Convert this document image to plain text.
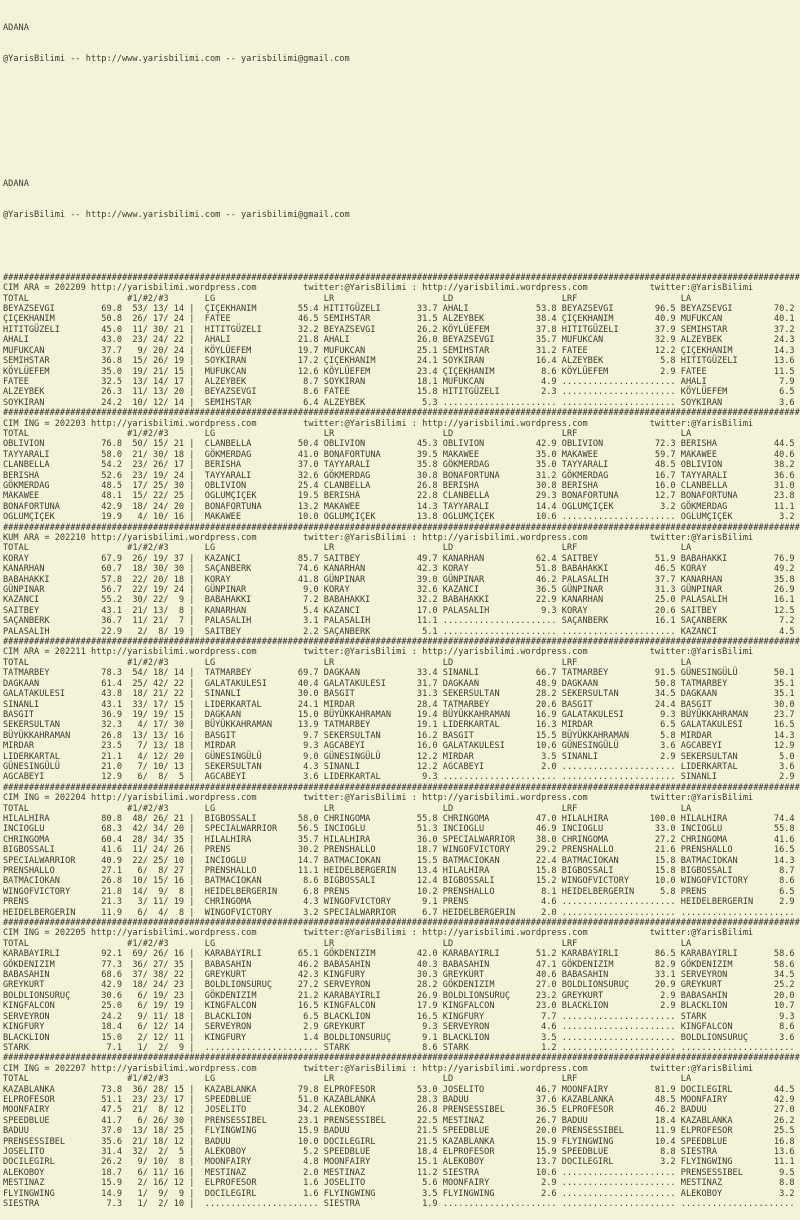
ADANA

@YarisBilimi -- http://www.yarisbilimi.com -- yarisbilimi@gmail.com

ADANA

@YarisBilimi -- http://www.yarisbilimi.com -- yarisbilimi@gmail.com

##########################################################################################################################################################
CIM ARA = 202209 http://yarisbilimi.wordpress.com         twitter:@YarisBilimi : http://yarisbilimi.wordpress.com            twitter:@YarisBilimi
TOTAL                   #1/#2/#3       LG                     LR                     LD                     LRF                    LA
BEYAZSEVGI         69.8  53/ 13/ 14 |  ÇIÇEKHANIM        55.4 HITITGÜZELI       33.7 AHALI             53.8 BEYAZSEVGI        96.5 BEYAZSEVGI        70.2
ÇIÇEKHANIM         50.8  26/ 17/ 24 |  FATEE             46.5 SEMIHSTAR         31.5 ALZEYBEK          38.4 ÇIÇEKHANIM        40.9 MUFUKCAN          40.1
HITITGÜZELI        45.0  11/ 30/ 21 |  HITITGÜZELI       32.2 BEYAZSEVGI        26.2 KÖYLÜEFEM         37.8 HITITGÜZELI       37.9 SEMIHSTAR         37.2
AHALI              43.0  23/ 24/ 22 |  AHALI             21.8 AHALI             26.0 BEYAZSEVGI        35.7 MUFUKCAN          32.9 ALZEYBEK          24.3
MUFUKCAN           37.7   9/ 20/ 24 |  KÖYLÜEFEM         19.7 MUFUKCAN          25.1 SEMIHSTAR         31.2 FATEE             12.2 ÇIÇEKHANIM        14.3
SEMIHSTAR          36.8  15/ 26/ 19 |  SOYKIRAN          17.2 ÇIÇEKHANIM        24.1 SOYKIRAN          16.4 ALZEYBEK           5.8 HITITGÜZELI       13.6
KÖYLÜEFEM          35.0  19/ 21/ 15 |  MUFUKCAN          12.6 KÖYLÜEFEM         23.4 ÇIÇEKHANIM         8.6 KÖYLÜEFEM          2.9 FATEE             11.5
FATEE              32.5  13/ 14/ 17 |  ALZEYBEK           8.7 SOYKIRAN          18.1 MUFUKCAN           4.9 ...................... AHALI              7.9
ALZEYBEK           26.3  11/ 13/ 20 |  BEYAZSEVGI         8.6 FATEE             15.8 HITITGÜZELI        2.3 ...................... KÖYLÜEFEM          6.5
SOYKIRAN           24.2  10/ 12/ 14 |  SEMIHSTAR          6.4 ALZEYBEK           5.3 ...................... ...................... SOYKIRAN           3.6
##########################################################################################################################################################
CIM ING = 202203 http://yarisbilimi.wordpress.com         twitter:@YarisBilimi : http://yarisbilimi.wordpress.com            twitter:@YarisBilimi
TOTAL                   #1/#2/#3       LG                     LR                     LD                     LRF                    LA
OBLIVION           76.8  50/ 15/ 21 |  CLANBELLA         50.4 OBLIVION          45.3 OBLIVION          42.9 OBLIVION          72.3 BERISHA           44.5
TAYYARALI          58.0  21/ 30/ 18 |  GÖKMERDAG         41.0 BONAFORTUNA       39.5 MAKAWEE           35.0 MAKAWEE           59.7 MAKAWEE           40.6
CLANBELLA          54.2  23/ 26/ 17 |  BERISHA           37.0 TAYYARALI         35.8 GÖKMERDAG         35.0 TAYYARALI         48.5 OBLIVION          38.2
BERISHA            52.6  23/ 19/ 24 |  TAYYARALI         32.6 GÖKMERDAG         30.8 BONAFORTUNA       31.2 GÖKMERDAG         16.7 TAYYARALI         36.6
GÖKMERDAG          48.5  17/ 25/ 30 |  OBLIVION          25.4 CLANBELLA         26.8 BERISHA           30.8 BERISHA           16.0 CLANBELLA         31.0
MAKAWEE            48.1  15/ 22/ 25 |  OGLUMÇIÇEK        19.5 BERISHA           22.8 CLANBELLA         29.3 BONAFORTUNA       12.7 BONAFORTUNA       23.8
BONAFORTUNA        42.9  18/ 24/ 20 |  BONAFORTUNA       13.2 MAKAWEE           14.3 TAYYARALI         14.4 OGLUMÇIÇEK         3.2 GÖKMERDAG         11.1
OGLUMÇIÇEK         19.9   4/ 10/ 16 |  MAKAWEE           10.0 OGLUMÇIÇEK        13.8 OGLUMÇIÇEK        10.6 ...................... OGLUMÇIÇEK         3.2
##########################################################################################################################################################
KUM ARA = 202210 http://yarisbilimi.wordpress.com         twitter:@YarisBilimi : http://yarisbilimi.wordpress.com            twitter:@YarisBilimi
TOTAL                   #1/#2/#3       LG                     LR                     LD                     LRF                    LA
KORAY              67.9  26/ 19/ 37 |  KAZANCI           85.7 SAITBEY           49.7 KANARHAN          62.4 SAITBEY           51.9 BABAHAKKI         76.9
KANARHAN           60.7  18/ 30/ 30 |  SAÇANBERK         74.6 KANARHAN          42.3 KORAY             51.8 BABAHAKKI         46.5 KORAY             49.2
BABAHAKKI          57.8  22/ 20/ 18 |  KORAY             41.8 GÜNPINAR          39.0 GÜNPINAR          46.2 PALASALIH         37.7 KANARHAN          35.8
GÜNPINAR           56.7  22/ 19/ 24 |  GÜNPINAR           9.0 KORAY             32.6 KAZANCI           36.5 GÜNPINAR          31.3 GÜNPINAR          26.9
KAZANCI            55.2  30/ 22/  9 |  BABAHAKKI          7.2 BABAHAKKI         32.2 BABAHAKKI         22.9 KANARHAN          25.0 PALASALIH         16.1
SAITBEY            43.1  21/ 13/  8 |  KANARHAN           5.4 KAZANCI           17.0 PALASALIH          9.3 KORAY             20.6 SAITBEY           12.5
SAÇANBERK          36.7  11/ 21/  7 |  PALASALIH          3.1 PALASALIH         11.1 ...................... SAÇANBERK         16.1 SAÇANBERK          7.2
PALASALIH          22.9   2/  8/ 19 |  SAITBEY            2.2 SAÇANBERK          5.1 ...................... ...................... KAZANCI            4.5
##########################################################################################################################################################
CIM ARA = 202211 http://yarisbilimi.wordpress.com         twitter:@YarisBilimi : http://yarisbilimi.wordpress.com            twitter:@YarisBilimi
TOTAL                   #1/#2/#3       LG                     LR                     LD                     LRF                    LA
TATMARBEY          78.3  54/ 18/ 14 |  TATMARBEY         69.7 DAGKAAN           33.4 SINANLI           66.7 TATMARBEY         91.5 GÜNESINGÜLÜ       50.1
DAGKAAN            61.4  25/ 42/ 22 |  GALATAKULESI      40.4 GALATAKULESI      31.7 DAGKAAN           48.9 DAGKAAN           50.8 TATMARBEY         35.1
GALATAKULESI       43.8  18/ 21/ 22 |  SINANLI           30.0 BASGIT            31.3 SEKERSULTAN       28.2 SEKERSULTAN       34.5 DAGKAAN           35.1
SINANLI            43.1  33/ 17/ 15 |  LIDERKARTAL       24.1 MIRDAR            28.4 TATMARBEY         20.6 BASGIT            24.4 BASGIT            30.0
BASGIT             36.9  19/ 19/ 15 |  DAGKAAN           15.0 BÜYÜKKAHRAMAN     19.4 BÜYÜKKAHRAMAN     16.9 GALATAKULESI       9.3 BÜYÜKKAHRAMAN     23.7
SEKERSULTAN        32.3   4/ 17/ 30 |  BÜYÜKKAHRAMAN     13.9 TATMARBEY         19.1 LIDERKARTAL       16.3 MIRDAR             6.5 GALATAKULESI      16.5
BÜYÜKKAHRAMAN      26.8  13/ 13/ 16 |  BASGIT             9.7 SEKERSULTAN       16.2 BASGIT            15.5 BÜYÜKKAHRAMAN      5.8 MIRDAR            14.3
MIRDAR             23.5   7/ 13/ 18 |  MIRDAR             9.3 AGCABEYI          16.0 GALATAKULESI      10.6 GÜNESINGÜLÜ        3.6 AGCABEYI          12.9
LIDERKARTAL        21.1   4/ 12/ 20 |  GÜNESINGÜLÜ        9.0 GÜNESINGÜLÜ       12.2 MIRDAR             3.5 SINANLI            2.9 SEKERSULTAN        5.0
GÜNESINGÜLÜ        21.0   7/ 10/ 13 |  SEKERSULTAN        4.3 SINANLI           12.2 AGCABEYI           2.0 ...................... LIDERKARTAL        3.6
AGCABEYI           12.9   6/  8/  5 |  AGCABEYI           3.6 LIDERKARTAL        9.3 ...................... ...................... SINANLI            2.9
##########################################################################################################################################################
CIM ING = 202204 http://yarisbilimi.wordpress.com         twitter:@YarisBilimi : http://yarisbilimi.wordpress.com            twitter:@YarisBilimi
TOTAL                   #1/#2/#3       LG                     LR                     LD                     LRF                    LA
HILALHIRA          80.8  48/ 26/ 21 |  BIGBOSSALI        58.0 CHRINGOMA         55.8 CHRINGOMA         47.0 HILALHIRA        100.0 HILALHIRA         74.4
INCIOGLU           68.3  42/ 34/ 20 |  SPECIALWARRIOR    56.5 INCIOGLU          51.3 INCIOGLU          46.9 INCIOGLU          33.0 INCIOGLU          55.8
CHRINGOMA          60.4  28/ 34/ 35 |  HILALHIRA         35.7 HILALHIRA         36.0 SPECIALWARRIOR    38.0 CHRINGOMA         27.2 CHRINGOMA         41.6
BIGBOSSALI         41.6  11/ 24/ 26 |  PRENS             30.2 PRENSHALLO        18.7 WINGOFVICTORY     29.2 PRENSHALLO        21.6 PRENSHALLO        16.5
SPECIALWARRIOR     40.9  22/ 25/ 10 |  INCIOGLU          14.7 BATMACIOKAN       15.5 BATMACIOKAN       22.4 BATMACIOKAN       15.8 BATMACIOKAN       14.3
PRENSHALLO         27.1   6/  8/ 27 |  PRENSHALLO        11.1 HEIDELBERGERIN    13.4 HILALHIRA         15.8 BIGBOSSALI        15.8 BIGBOSSALI         8.7
BATMACIOKAN        26.8  10/ 15/ 16 |  BATMACIOKAN        8.6 BIGBOSSALI        12.4 BIGBOSSALI        15.2 WINGOFVICTORY     10.0 WINGOFVICTORY      8.6
WINGOFVICTORY      21.8  14/  9/  8 |  HEIDELBERGERIN     6.8 PRENS             10.2 PRENSHALLO         8.1 HEIDELBERGERIN     5.8 PRENS              6.5
PRENS              21.3   3/ 11/ 19 |  CHRINGOMA          4.3 WINGOFVICTORY      9.1 PRENS              4.6 ...................... HEIDELBERGERIN     2.9
HEIDELBERGERIN     11.9   6/  4/  8 |  WINGOFVICTORY      3.2 SPECIALWARRIOR     6.7 HEIDELBERGERIN     2.0 ...................... ......................
##########################################################################################################################################################
CIM ING = 202205 http://yarisbilimi.wordpress.com         twitter:@YarisBilimi : http://yarisbilimi.wordpress.com            twitter:@YarisBilimi
TOTAL                   #1/#2/#3       LG                     LR                     LD                     LRF                    LA
KARABAYIRLI        92.1  69/ 26/ 16 |  KARABAYIRLI       65.1 GÖKDENIZIM        42.0 KARABAYIRLI       51.2 KARABAYIRLI       86.5 KARABAYIRLI       58.6
GÖKDENIZIM         77.3  36/ 27/ 35 |  BABASAHIN         46.2 BABASAHIN         40.3 BABASAHIN         47.1 GÖKDENIZIM        82.9 GÖKDENIZIM        58.6
BABASAHIN          68.6  37/ 38/ 22 |  GREYKURT          42.3 KINGFURY          30.3 GREYKURT          40.6 BABASAHIN         33.1 SERVEYRON         34.5
GREYKURT           42.9  18/ 24/ 23 |  BOLDLIONSURUÇ     27.2 SERVEYRON         28.2 GÖKDENIZIM        27.0 BOLDLIONSURUÇ     20.9 GREYKURT          25.2
BOLDLIONSURUÇ      30.6   6/ 19/ 23 |  GÖKDENIZIM        21.2 KARABAYIRLI       26.9 BOLDLIONSURUÇ     23.2 GREYKURT           2.9 BABASAHIN         20.0
KINGFALCON         25.0   6/ 19/ 19 |  KINGFALCON        16.5 KINGFALCON        17.9 KINGFALCON        23.0 BLACKLION          2.9 BLACKLION         10.7
SERVEYRON          24.2   9/ 11/ 18 |  BLACKLION          6.5 BLACKLION         16.5 KINGFURY           7.7 ...................... STARK              9.3
KINGFURY           18.4   6/ 12/ 14 |  SERVEYRON          2.9 GREYKURT           9.3 SERVEYRON          4.6 ...................... KINGFALCON         8.6
BLACKLION          15.0   2/ 12/ 11 |  KINGFURY           1.4 BOLDLIONSURUÇ      9.1 BLACKLION          3.5 ...................... BOLDLIONSURUÇ      3.6
STARK               7.1   1/  2/  9 |  ...................... STARK              8.6 STARK              1.2 ...................... ......................
##########################################################################################################################################################
CIM ING = 202207 http://yarisbilimi.wordpress.com         twitter:@YarisBilimi : http://yarisbilimi.wordpress.com            twitter:@YarisBilimi
TOTAL                   #1/#2/#3       LG                     LR                     LD                     LRF                    LA
KAZABLANKA         73.8  36/ 28/ 15 |  KAZABLANKA        79.8 ELPROFESOR        53.0 JOSELITO          46.7 MOONFAIRY         81.9 DOCILEGIRL        44.5
ELPROFESOR         51.1  23/ 23/ 17 |  SPEEDBLUE         51.0 KAZABLANKA        28.3 BADUU             37.6 KAZABLANKA        48.5 MOONFAIRY         42.9
MOONFAIRY          47.5  21/  8/ 12 |  JOSELITO          34.2 ALEKOBOY          26.8 PRENSESSIBEL      36.5 ELPROFESOR        46.2 BADUU             27.0
SPEEDBLUE          41.7   6/ 26/ 30 |  PRENSESSIBEL      23.1 PRENSESSIBEL      22.5 MESTINAZ          26.7 BADUU             18.4 KAZABLANKA        26.2
BADUU              37.0  13/ 18/ 25 |  FLYINGWING        15.9 BADUU             21.5 SPEEDBLUE         20.0 PRENSESSIBEL      11.9 ELPROFESOR        25.5
PRENSESSIBEL       35.6  21/ 18/ 12 |  BADUU             10.0 DOCILEGIRL        21.5 KAZABLANKA        15.9 FLYINGWING        10.4 SPEEDBLUE         16.8
JOSELITO           31.4  32/  2/  5 |  ALEKOBOY           5.2 SPEEDBLUE         18.4 ELPROFESOR        15.9 SPEEDBLUE          8.8 SIESTRA           13.6
DOCILEGIRL         26.2   9/ 10/  8 |  MOONFAIRY          4.8 MOONFAIRY         15.1 ALEKOBOY          13.7 DOCILEGIRL         3.2 FLYINGWING        11.1
ALEKOBOY           18.7   6/ 11/ 16 |  MESTINAZ           2.0 MESTINAZ          11.2 SIESTRA           10.6 ...................... PRENSESSIBEL       9.5
MESTINAZ           15.9   2/ 16/ 12 |  ELPROFESOR         1.6 JOSELITO           5.6 MOONFAIRY          2.9 ...................... MESTINAZ           8.8
FLYINGWING         14.9   1/  9/  9 |  DOCILEGIRL         1.6 FLYINGWING         3.5 FLYINGWING         2.6 ...................... ALEKOBOY           3.2
SIESTRA             7.3   1/  2/ 10 |  ...................... SIESTRA            1.9 ...................... ...................... ......................
